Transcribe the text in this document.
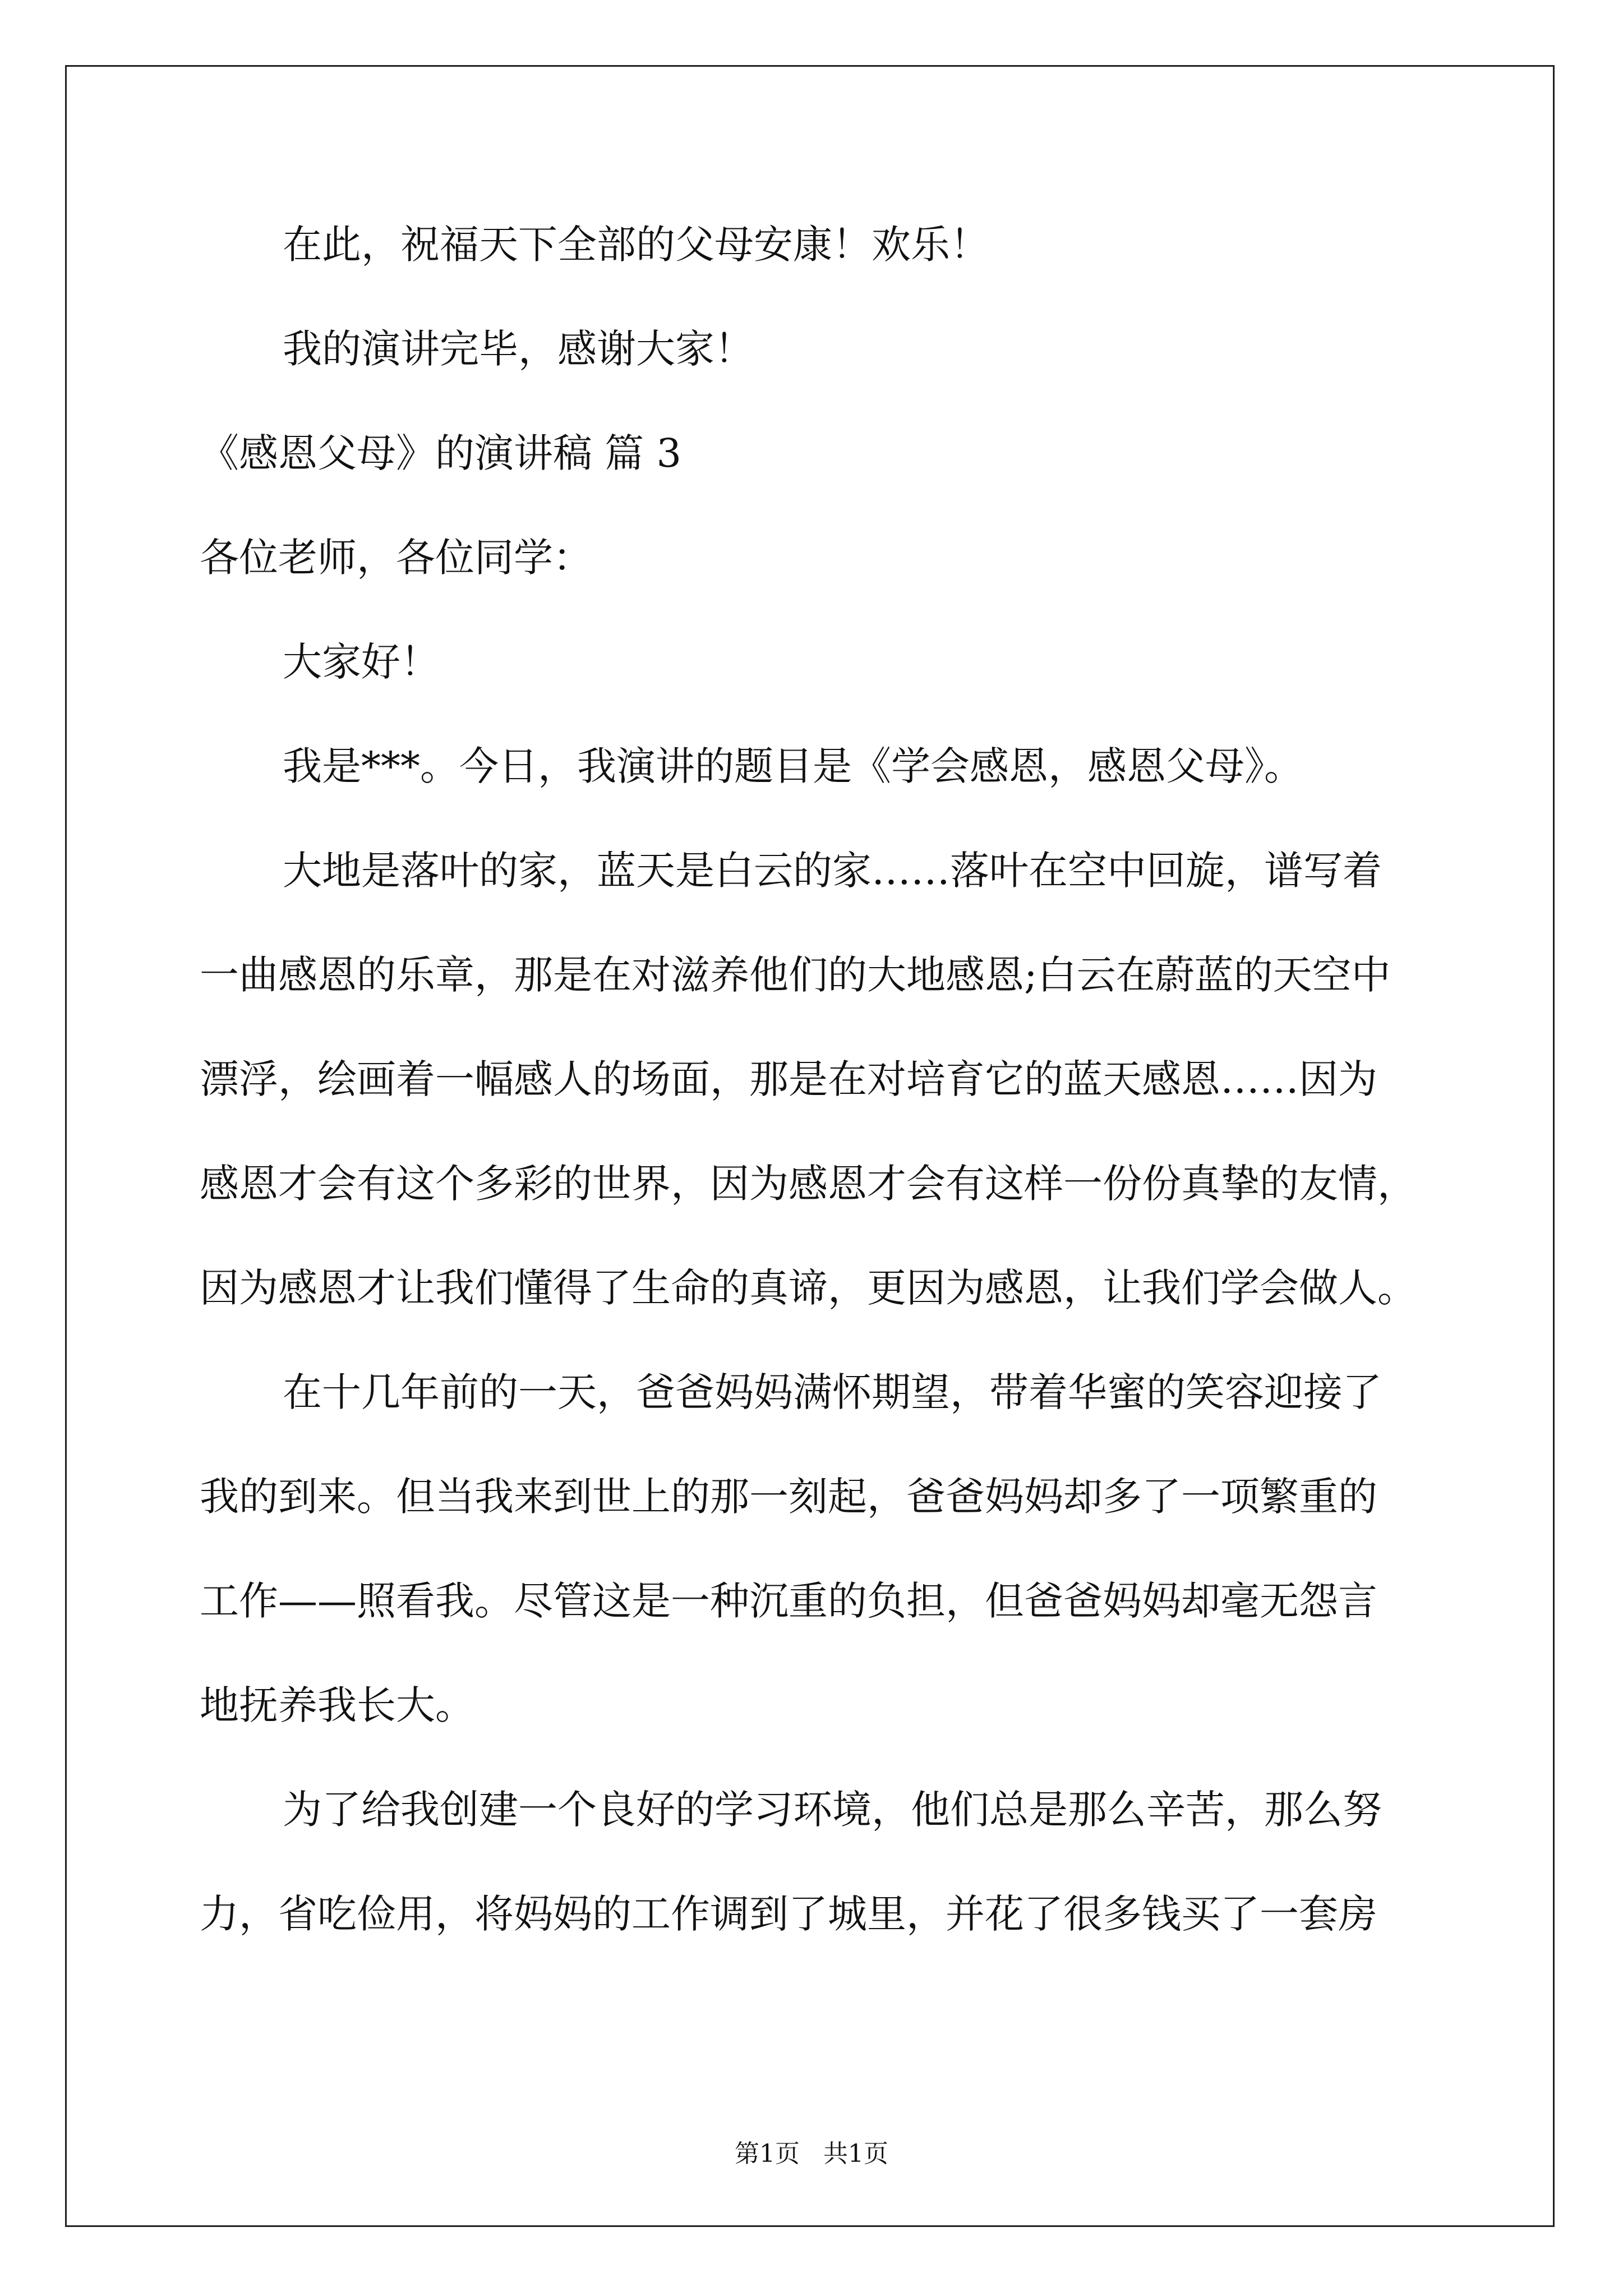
在此，祝福天下全部的父母安康！欢乐！
我的演讲完毕，感谢大家！
《感恩父母》的演讲稿 篇 3
各位老师，各位同学：
大家好！
我是***。今日，我演讲的题目是《学会感恩，感恩父母》。
大地是落叶的家，蓝天是白云的家……落叶在空中回旋，谱写着
一曲感恩的乐章，那是在对滋养他们的大地感恩;白云在蔚蓝的天空中
漂浮，绘画着一幅感人的场面，那是在对培育它的蓝天感恩……因为
感恩才会有这个多彩的世界，因为感恩才会有这样一份份真挚的友情，
因为感恩才让我们懂得了生命的真谛，更因为感恩，让我们学会做人。
在十几年前的一天，爸爸妈妈满怀期望，带着华蜜的笑容迎接了
我的到来。但当我来到世上的那一刻起，爸爸妈妈却多了一项繁重的
工作——照看我。尽管这是一种沉重的负担，但爸爸妈妈却毫无怨言
地抚养我长大。
为了给我创建一个良好的学习环境，他们总是那么辛苦，那么努
力，省吃俭用，将妈妈的工作调到了城里，并花了很多钱买了一套房
第1页   共1页
